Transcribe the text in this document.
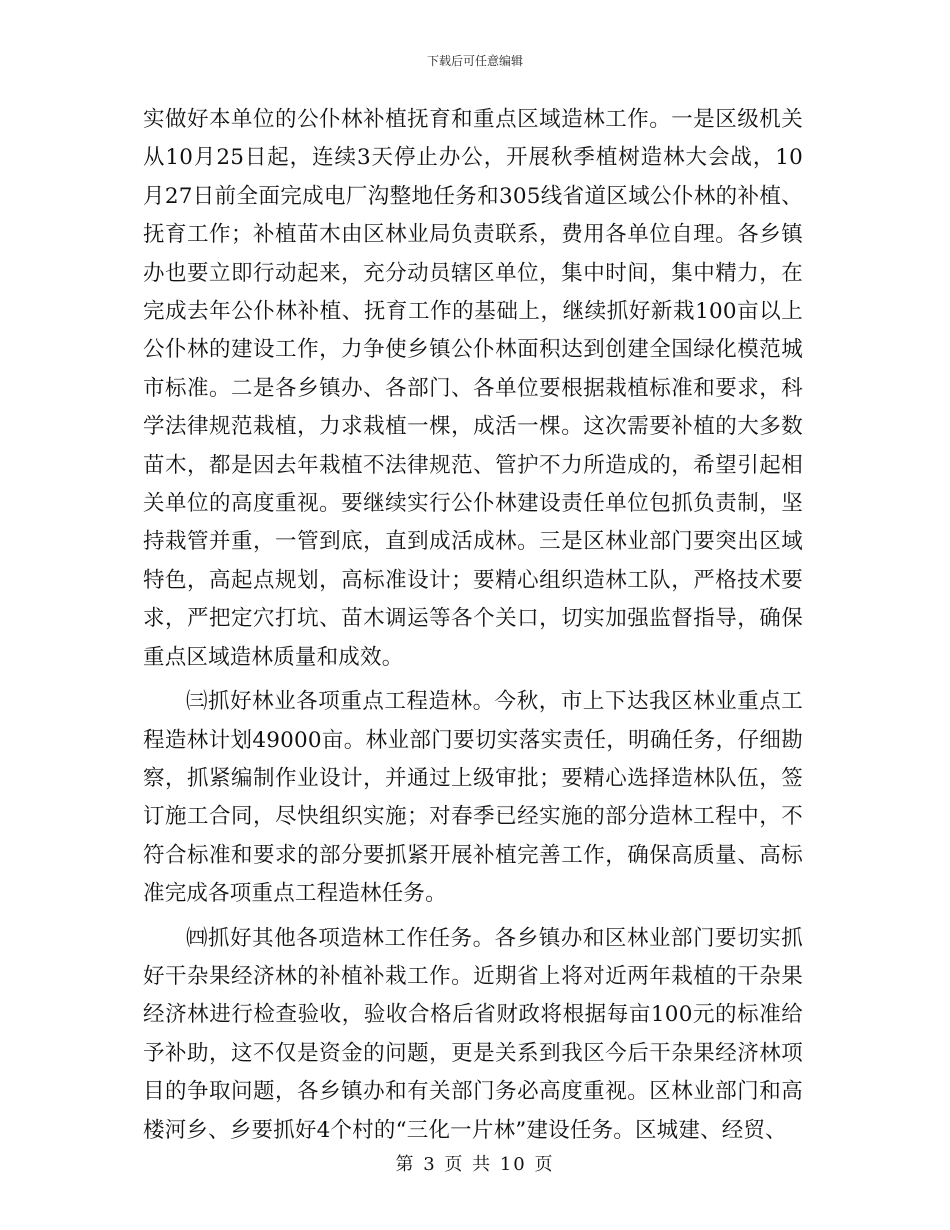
下载后可任意编辑

实做好本单位的公仆林补植抚育和重点区域造林工作。一是区级机关从10月25日起，连续3天停止办公，开展秋季植树造林大会战，10月27日前全面完成电厂沟整地任务和305线省道区域公仆林的补植、抚育工作；补植苗木由区林业局负责联系，费用各单位自理。各乡镇办也要立即行动起来，充分动员辖区单位，集中时间，集中精力，在完成去年公仆林补植、抚育工作的基础上，继续抓好新栽100亩以上公仆林的建设工作，力争使乡镇公仆林面积达到创建全国绿化模范城市标准。二是各乡镇办、各部门、各单位要根据栽植标准和要求，科学法律规范栽植，力求栽植一棵，成活一棵。这次需要补植的大多数苗木，都是因去年栽植不法律规范、管护不力所造成的，希望引起相关单位的高度重视。要继续实行公仆林建设责任单位包抓负责制，坚持栽管并重，一管到底，直到成活成林。三是区林业部门要突出区域特色，高起点规划，高标准设计；要精心组织造林工队，严格技术要求，严把定穴打坑、苗木调运等各个关口，切实加强监督指导，确保重点区域造林质量和成效。

㈢抓好林业各项重点工程造林。今秋，市上下达我区林业重点工程造林计划49000亩。林业部门要切实落实责任，明确任务，仔细勘察，抓紧编制作业设计，并通过上级审批；要精心选择造林队伍，签订施工合同，尽快组织实施；对春季已经实施的部分造林工程中，不符合标准和要求的部分要抓紧开展补植完善工作，确保高质量、高标准完成各项重点工程造林任务。

㈣抓好其他各项造林工作任务。各乡镇办和区林业部门要切实抓好干杂果经济林的补植补栽工作。近期省上将对近两年栽植的干杂果经济林进行检查验收，验收合格后省财政将根据每亩100元的标准给予补助，这不仅是资金的问题，更是关系到我区今后干杂果经济林项目的争取问题，各乡镇办和有关部门务必高度重视。区林业部门和高楼河乡、乡要抓好4个村的“三化一片林”建设任务。区城建、经贸、

第 3 页 共 10 页
